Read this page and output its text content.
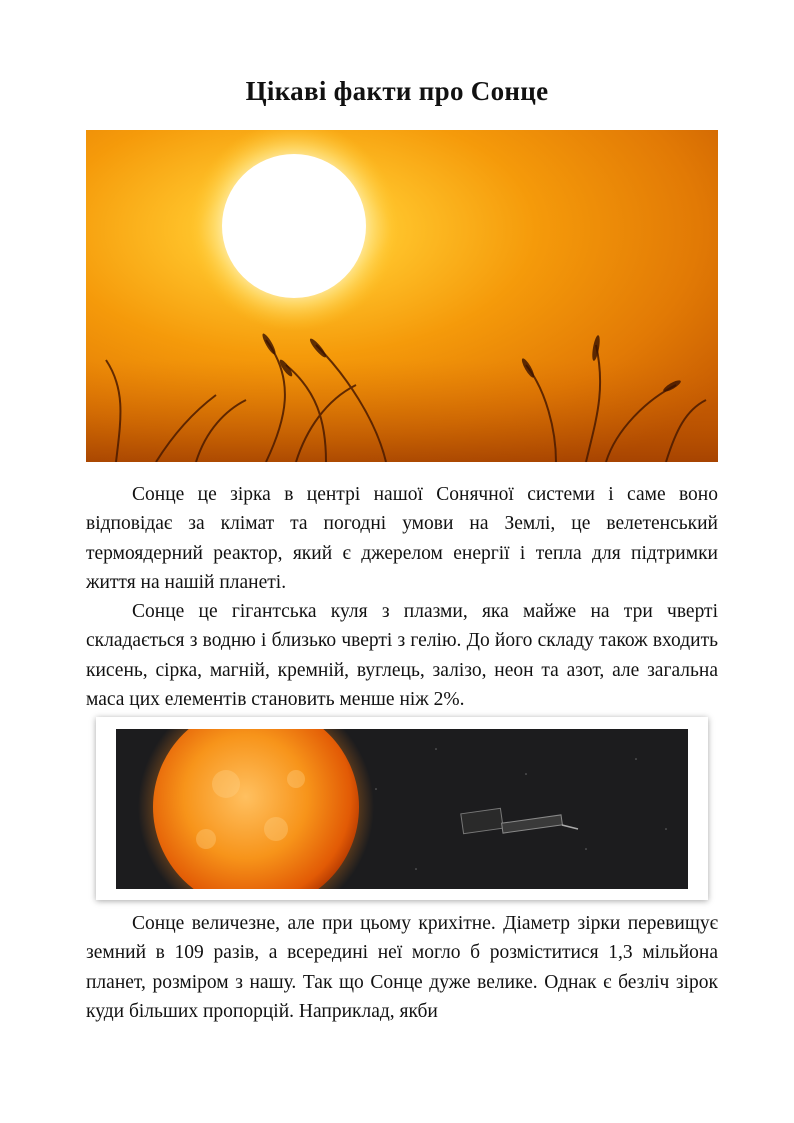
Цікаві факти про Сонце

Сонце це зірка в центрі нашої Сонячної системи і саме воно відповідає за клімат та погодні умови на Землі, це велетенський термоядерний реактор, який є джерелом енергії і тепла для підтримки життя на нашій планеті.

Сонце це гігантська куля з плазми, яка майже на три чверті складається з водню і близько чверті з гелію. До його складу також входить кисень, сірка, магній, кремній, вуглець, залізо, неон та азот, але загальна маса цих елементів становить менше ніж 2%.

Сонце величезне, але при цьому крихітне. Діаметр зірки перевищує земний в 109 разів, а всередині неї могло б розміститися 1,3 мільйона планет, розміром з нашу. Так що Сонце дуже велике. Однак є безліч зірок куди більших пропорцій. Наприклад, якби
